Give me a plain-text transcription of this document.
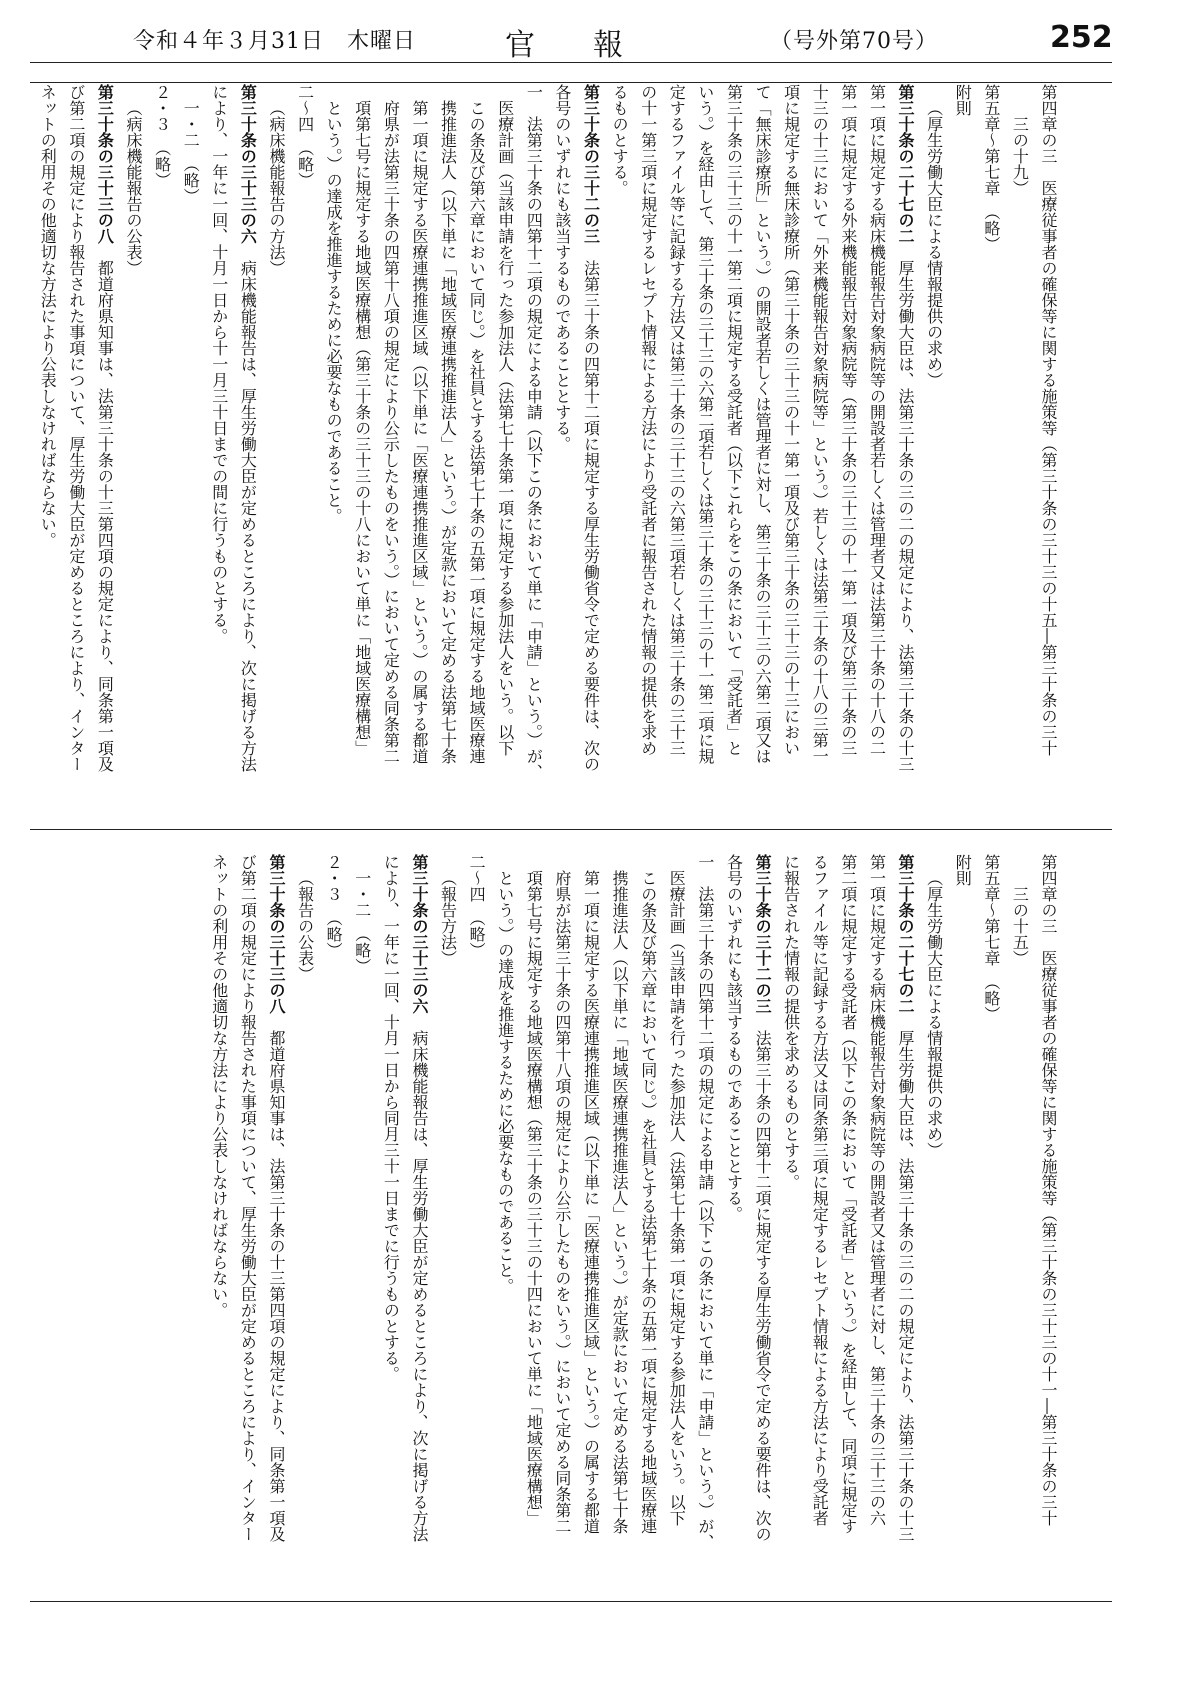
令和４年３月31日　木曜日	官報	（号外第70号）	252

第四章の三　医療従事者の確保等に関する施策等（第三十条の三十三の十五―第三十条の三十

三の十九）

第五章〜第七章　（略）

附則

（厚生労働大臣による情報提供の求め）

第三十条の二十七の二　厚生労働大臣は、法第三十条の三の二の規定により、法第三十条の十三

第一項に規定する病床機能報告対象病院等の開設者若しくは管理者又は法第三十条の十八の二

第一項に規定する外来機能報告対象病院等（第三十条の三十三の十一第一項及び第三十条の三

十三の十三において「外来機能報告対象病院等」という。）若しくは法第三十条の十八の三第一

項に規定する無床診療所（第三十条の三十三の十一第一項及び第三十条の三十三の十三におい

て「無床診療所」という。）の開設者若しくは管理者に対し、第三十条の三十三の六第二項又は

第三十条の三十三の十一第二項に規定する受託者（以下これらをこの条において「受託者」と

いう。）を経由して、第三十条の三十三の六第二項若しくは第三十条の三十三の十一第二項に規

定するファイル等に記録する方法又は第三十条の三十三の六第三項若しくは第三十条の三十三

の十一第三項に規定するレセプト情報による方法により受託者に報告された情報の提供を求め

るものとする。

第三十条の三十二の三　法第三十条の四第十二項に規定する厚生労働省令で定める要件は、次の

各号のいずれにも該当するものであることとする。

一　法第三十条の四第十二項の規定による申請（以下この条において単に「申請」という。）が、

医療計画（当該申請を行った参加法人（法第七十条第一項に規定する参加法人をいう。以下

この条及び第六章において同じ。）を社員とする法第七十条の五第一項に規定する地域医療連

携推進法人（以下単に「地域医療連携推進法人」という。）が定款において定める法第七十条

第一項に規定する医療連携推進区域（以下単に「医療連携推進区域」という。）の属する都道

府県が法第三十条の四第十八項の規定により公示したものをいう。）において定める同条第二

項第七号に規定する地域医療構想（第三十条の三十三の十八において単に「地域医療構想」

という。）の達成を推進するために必要なものであること。

二〜四　（略）

（病床機能報告の方法）

第三十条の三十三の六　病床機能報告は、厚生労働大臣が定めるところにより、次に掲げる方法

により、一年に一回、十月一日から十一月三十日までの間に行うものとする。

一・二　（略）

２・３　（略）

（病床機能報告の公表）

第三十条の三十三の八　都道府県知事は、法第三十条の十三第四項の規定により、同条第一項及

び第二項の規定により報告された事項について、厚生労働大臣が定めるところにより、インター

ネットの利用その他適切な方法により公表しなければならない。

第四章の三　医療従事者の確保等に関する施策等（第三十条の三十三の十一―第三十条の三十

三の十五）

第五章〜第七章　（略）

附則

（厚生労働大臣による情報提供の求め）

第三十条の二十七の二　厚生労働大臣は、法第三十条の三の二の規定により、法第三十条の十三

第一項に規定する病床機能報告対象病院等の開設者又は管理者に対し、第三十条の三十三の六

第二項に規定する受託者（以下この条において「受託者」という。）を経由して、同項に規定す

るファイル等に記録する方法又は同条第三項に規定するレセプト情報による方法により受託者

に報告された情報の提供を求めるものとする。

第三十条の三十二の三　法第三十条の四第十二項に規定する厚生労働省令で定める要件は、次の

各号のいずれにも該当するものであることとする。

一　法第三十条の四第十二項の規定による申請（以下この条において単に「申請」という。）が、

医療計画（当該申請を行った参加法人（法第七十条第一項に規定する参加法人をいう。以下

この条及び第六章において同じ。）を社員とする法第七十条の五第一項に規定する地域医療連

携推進法人（以下単に「地域医療連携推進法人」という。）が定款において定める法第七十条

第一項に規定する医療連携推進区域（以下単に「医療連携推進区域」という。）の属する都道

府県が法第三十条の四第十八項の規定により公示したものをいう。）において定める同条第二

項第七号に規定する地域医療構想（第三十条の三十三の十四において単に「地域医療構想」

という。）の達成を推進するために必要なものであること。

二〜四　（略）

（報告方法）

第三十条の三十三の六　病床機能報告は、厚生労働大臣が定めるところにより、次に掲げる方法

により、一年に一回、十月一日から同月三十一日までに行うものとする。

一・二　（略）

２・３　（略）

（報告の公表）

第三十条の三十三の八　都道府県知事は、法第三十条の十三第四項の規定により、同条第一項及

び第二項の規定により報告された事項について、厚生労働大臣が定めるところにより、インター

ネットの利用その他適切な方法により公表しなければならない。
